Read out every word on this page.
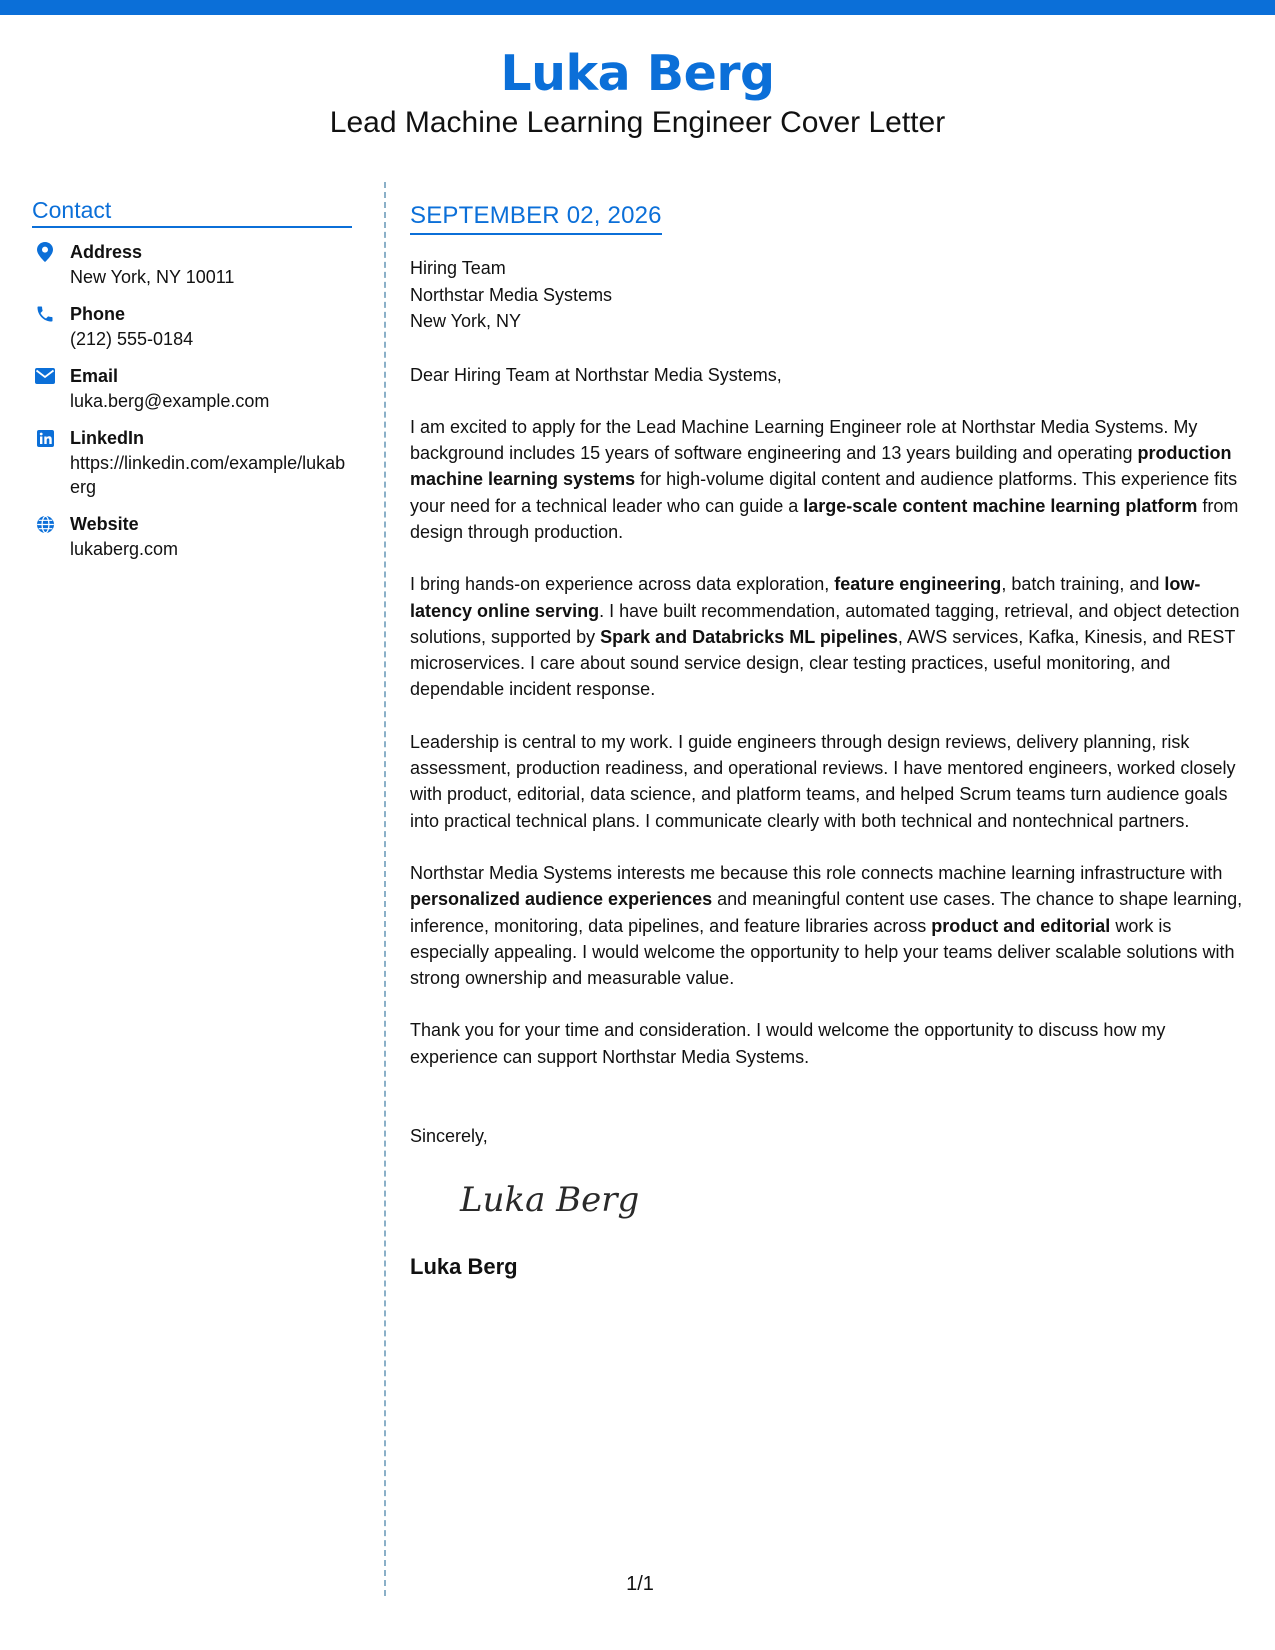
Luka Berg
Lead Machine Learning Engineer Cover Letter
Contact
Address
New York, NY 10011
Phone
(212) 555-0184
Email
luka.berg@example.com
LinkedIn
https://linkedin.com/example/lukaberg
Website
lukaberg.com
SEPTEMBER 02, 2026
Hiring Team
Northstar Media Systems
New York, NY
Dear Hiring Team at Northstar Media Systems,
I am excited to apply for the Lead Machine Learning Engineer role at Northstar Media Systems. My background includes 15 years of software engineering and 13 years building and operating production machine learning systems for high-volume digital content and audience platforms. This experience fits your need for a technical leader who can guide a large-scale content machine learning platform from design through production.
I bring hands-on experience across data exploration, feature engineering, batch training, and low-latency online serving. I have built recommendation, automated tagging, retrieval, and object detection solutions, supported by Spark and Databricks ML pipelines, AWS services, Kafka, Kinesis, and REST microservices. I care about sound service design, clear testing practices, useful monitoring, and dependable incident response.
Leadership is central to my work. I guide engineers through design reviews, delivery planning, risk assessment, production readiness, and operational reviews. I have mentored engineers, worked closely with product, editorial, data science, and platform teams, and helped Scrum teams turn audience goals into practical technical plans. I communicate clearly with both technical and nontechnical partners.
Northstar Media Systems interests me because this role connects machine learning infrastructure with personalized audience experiences and meaningful content use cases. The chance to shape learning, inference, monitoring, data pipelines, and feature libraries across product and editorial work is especially appealing. I would welcome the opportunity to help your teams deliver scalable solutions with strong ownership and measurable value.
Thank you for your time and consideration. I would welcome the opportunity to discuss how my experience can support Northstar Media Systems.
Sincerely,
Luka Berg
Luka Berg
1/1
